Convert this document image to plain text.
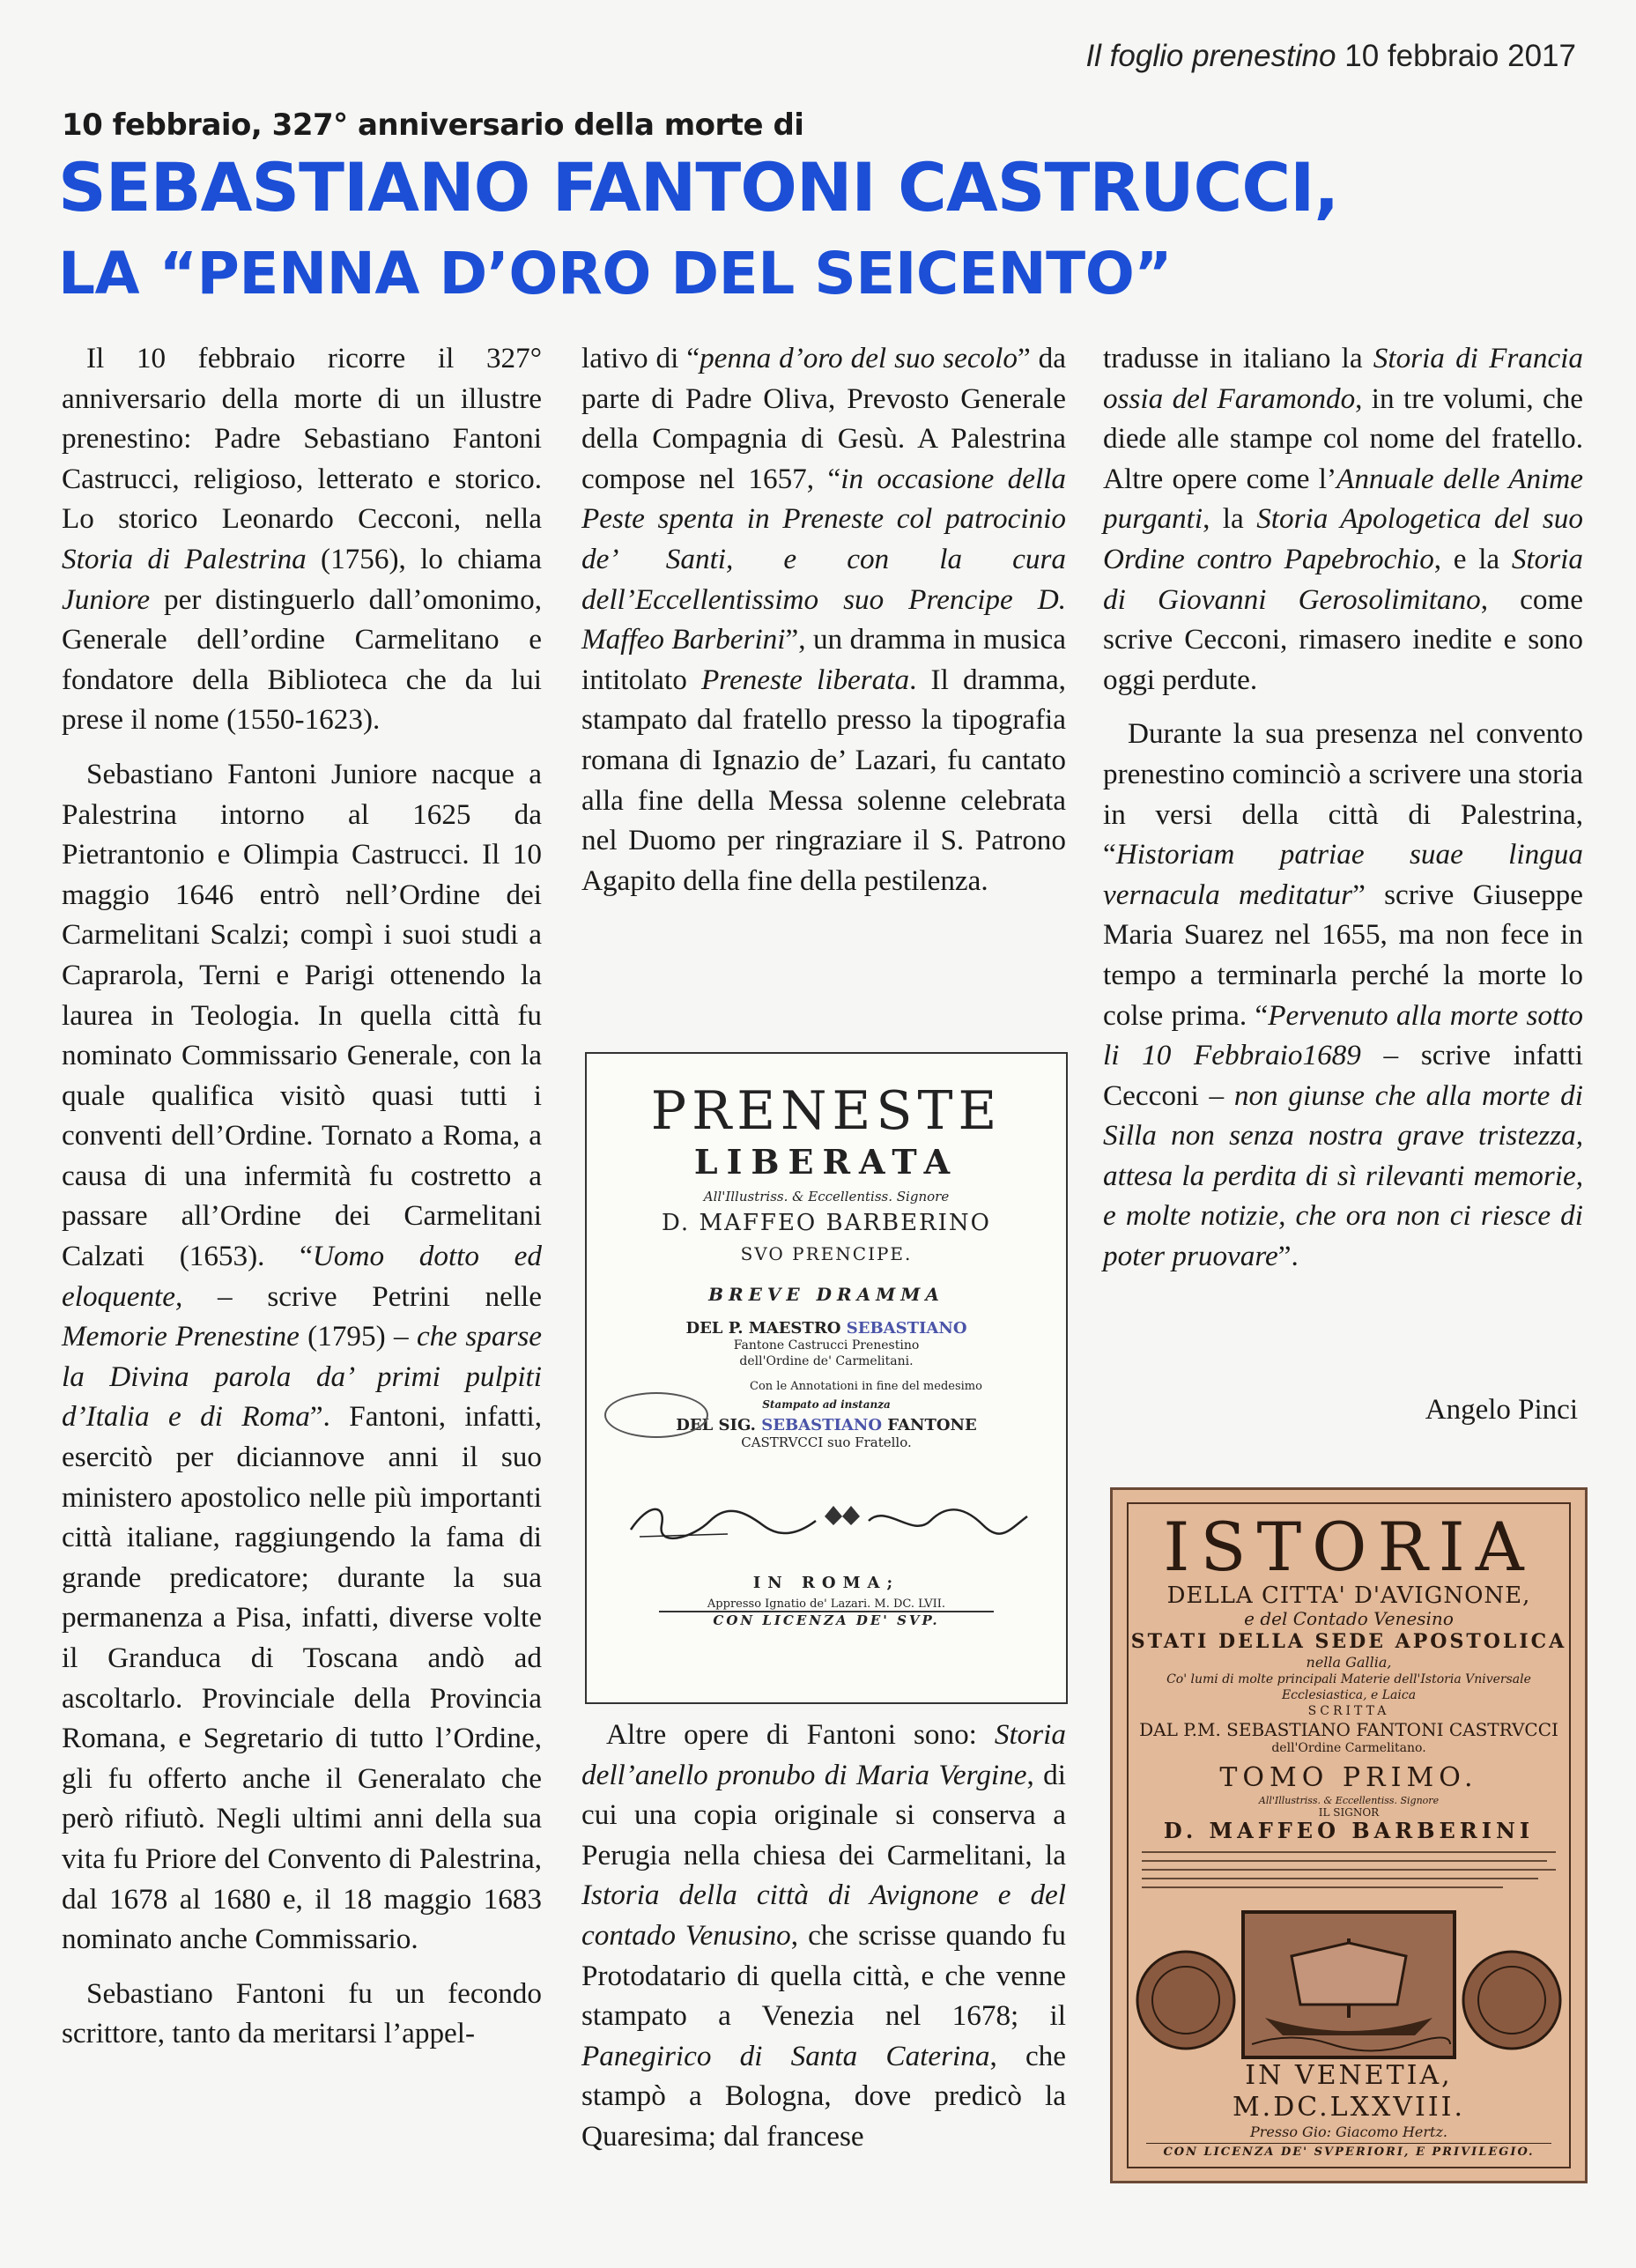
Il foglio prenestino 10 febbraio 2017
10 febbraio, 327° anniversario della morte di
SEBASTIANO FANTONI CASTRUCCI,
LA “PENNA D’ORO DEL SEICENTO”

Il 10 febbraio ricorre il 327° anniversario della morte di un illustre prenestino: Padre Sebastiano Fantoni Castrucci, religioso, letterato e storico. Lo storico Leonardo Cecconi, nella Storia di Palestrina (1756), lo chiama Juniore per distinguerlo dall’omonimo, Generale dell’ordine Carmelitano e fondatore della Biblioteca che da lui prese il nome (1550-1623).

Sebastiano Fantoni Juniore nacque a Palestrina intorno al 1625 da Pietrantonio e Olimpia Castrucci. Il 10 maggio 1646 entrò nell’Ordine dei Carmelitani Scalzi; compì i suoi studi a Caprarola, Terni e Parigi ottenendo la laurea in Teologia. In quella città fu nominato Commissario Generale, con la quale qualifica visitò quasi tutti i conventi dell’Ordine. Tornato a Roma, a causa di una infermità fu costretto a passare all’Ordine dei Carmelitani Calzati (1653). “Uomo dotto ed eloquente, – scrive Petrini nelle Memorie Prenestine (1795) – che sparse la Divina parola da’ primi pulpiti d’Italia e di Roma”. Fantoni, infatti, esercitò per diciannove anni il suo ministero apostolico nelle più importanti città italiane, raggiungendo la fama di grande predicatore; durante la sua permanenza a Pisa, infatti, diverse volte il Granduca di Toscana andò ad ascoltarlo. Provinciale della Provincia Romana, e Segretario di tutto l’Ordine, gli fu offerto anche il Generalato che però rifiutò. Negli ultimi anni della sua vita fu Priore del Convento di Palestrina, dal 1678 al 1680 e, il 18 maggio 1683 nominato anche Commissario.

Sebastiano Fantoni fu un fecondo scrittore, tanto da meritarsi l’appel-

lativo di “penna d’oro del suo secolo” da parte di Padre Oliva, Prevosto Generale della Compagnia di Gesù. A Palestrina compose nel 1657, “in occasione della Peste spenta in Preneste col patrocinio de’ Santi, e con la cura dell’Eccellentissimo suo Prencipe D. Maffeo Barberini”, un dramma in musica intitolato Preneste liberata. Il dramma, stampato dal fratello presso la tipografia romana di Ignazio de’ Lazari, fu cantato alla fine della Messa solenne celebrata nel Duomo per ringraziare il S. Patrono Agapito della fine della pestilenza.

PRENESTE
LIBERATA
All'Illustriss. & Eccellentiss. Signore
D. MAFFEO BARBERINO
SVO PRENCIPE.
BREVE DRAMMA
DEL P. MAESTRO SEBASTIANO
Fantone Castrucci Prenestino dell'Ordine de' Carmelitani.
Con le Annotationi in fine del medesimo
Stampato ad instanza
DEL SIG. SEBASTIANO FANTONE
CASTRVCCI suo Fratello.
IN ROMA;
Appresso Ignatio de' Lazari. M. DC. LVII.
CON LICENZA DE' SVP.

Altre opere di Fantoni sono: Storia dell’anello pronubo di Maria Vergine, di cui una copia originale si conserva a Perugia nella chiesa dei Carmelitani, la Istoria della città di Avignone e del contado Venusino, che scrisse quando fu Protodatario di quella città, e che venne stampato a Venezia nel 1678; il Panegirico di Santa Caterina, che stampò a Bologna, dove predicò la Quaresima; dal francese

tradusse in italiano la Storia di Francia ossia del Faramondo, in tre volumi, che diede alle stampe col nome del fratello. Altre opere come l’Annuale delle Anime purganti, la Storia Apologetica del suo Ordine contro Papebrochio, e la Storia di Giovanni Gerosolimitano, come scrive Cecconi, rimasero inedite e sono oggi perdute.

Durante la sua presenza nel convento prenestino cominciò a scrivere una storia in versi della città di Palestrina, “Historiam patriae suae lingua vernacula meditatur” scrive Giuseppe Maria Suarez nel 1655, ma non fece in tempo a terminarla perché la morte lo colse prima. “Pervenuto alla morte sotto li 10 Febbraio1689 – scrive infatti Cecconi – non giunse che alla morte di Silla non senza nostra grave tristezza, attesa la perdita di sì rilevanti memorie, e molte notizie, che ora non ci riesce di poter pruovare”.

Angelo Pinci
ISTORIA
DELLA CITTA' D'AVIGNONE,
e del Contado Venesino
STATI DELLA SEDE APOSTOLICA
nella Gallia,
Co' lumi di molte principali Materie dell'Istoria Vniversale Ecclesiastica, e Laica
SCRITTA
DAL P.M. SEBASTIANO FANTONI CASTRVCCI
dell'Ordine Carmelitano.
TOMO PRIMO.
All'Illustriss. & Eccellentiss. Signore
IL SIGNOR
D. MAFFEO BARBERINI
IN VENETIA, M.DC.LXXVIII.
Presso Gio: Giacomo Hertz.
CON LICENZA DE' SVPERIORI, E PRIVILEGIO.
